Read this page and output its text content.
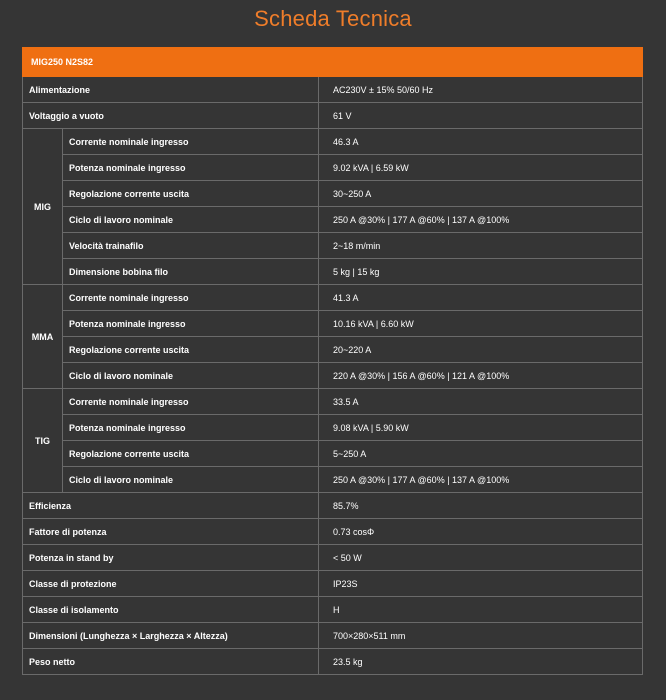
Scheda Tecnica
MIG250 N2S82		
Alimentazione		AC230V ± 15% 50/60 Hz
Voltaggio a vuoto		61 V
MIG	Corrente nominale ingresso	46.3 A
	Potenza nominale ingresso	9.02 kVA | 6.59 kW
	Regolazione corrente uscita	30~250 A
	Ciclo di lavoro nominale	250 A @30% | 177 A @60% | 137 A @100%
	Velocità trainafilo	2~18 m/min
	Dimensione bobina filo	5 kg | 15 kg
MMA	Corrente nominale ingresso	41.3 A
	Potenza nominale ingresso	10.16 kVA | 6.60 kW
	Regolazione corrente uscita	20~220 A
	Ciclo di lavoro nominale	220 A @30% | 156 A @60% | 121 A @100%
TIG	Corrente nominale ingresso	33.5 A
	Potenza nominale ingresso	9.08 kVA | 5.90 kW
	Regolazione corrente uscita	5~250 A
	Ciclo di lavoro nominale	250 A @30% | 177 A @60% | 137 A @100%
Efficienza		85.7%
Fattore di potenza		0.73 cosΦ
Potenza in stand by		< 50 W
Classe di protezione		IP23S
Classe di isolamento		H
Dimensioni (Lunghezza × Larghezza × Altezza)		700×280×511 mm
Peso netto		23.5 kg
